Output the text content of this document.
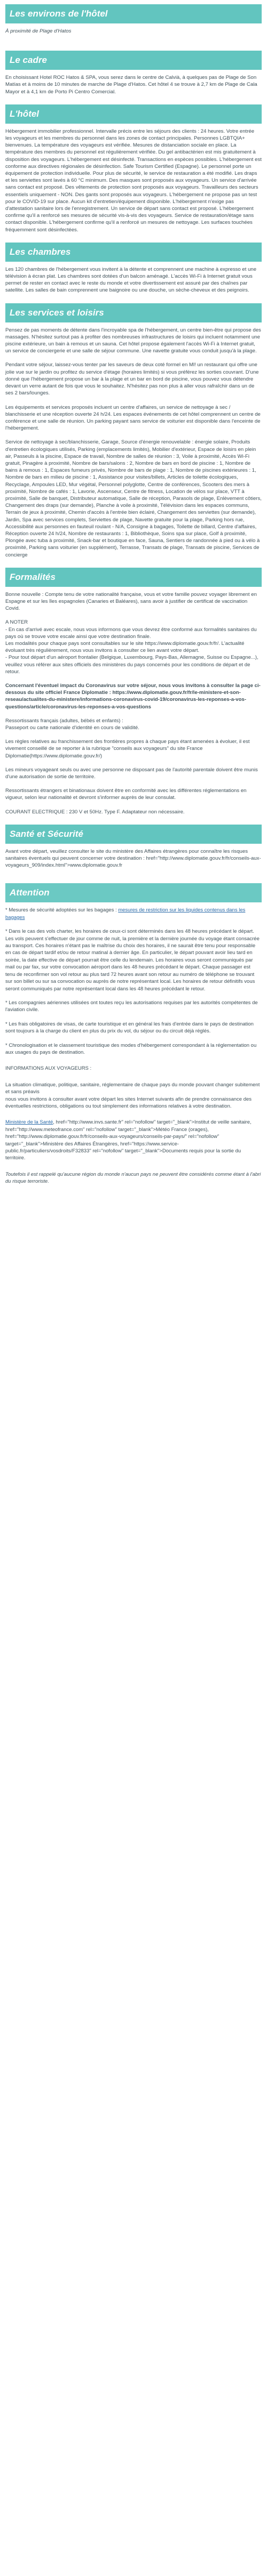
Les environs de l'hôtel

À proximité de Plage d'Hatos

Le cadre

En choisissant Hotel ROC Hatos & SPA, vous serez dans le centre de Calvià, à quelques pas de Plage de Son Matías et à moins de 10 minutes de marche de Plage d'Hatos. Cet hôtel 4 se trouve à 2,7 km de Plage de Cala Mayor et à 4,1 km de Porto Pi Centro Comercial.

L'hôtel

Hébergement immobilier professionnel. Intervalle précis entre les séjours des clients : 24 heures. Votre entrée les voyageurs et les membres du personnel dans les zones de contact principales. Personnes LGBTQIA+ bienvenues. La température des voyageurs est vérifiée. Mesures de distanciation sociale en place. La température des membres du personnel est régulièrement vérifiée. Du gel antibactérien est mis gratuitement à disposition des voyageurs. L'hébergement est désinfecté. Transactions en espèces possibles. L'hébergement est conforme aux directives régionales de désinfection. Safe Tourism Certified (Espagne). Le personnel porte un équipement de protection individuelle. Pour plus de sécurité, le service de restauration a été modifié. Les draps et les serviettes sont lavés à 60 °C minimum. Des masques sont proposés aux voyageurs. Un service d'arrivée sans contact est proposé. Des vêtements de protection sont proposés aux voyageurs. Travailleurs des secteurs essentiels uniquement - NON. Des gants sont proposés aux voyageurs. L'hébergement ne propose pas un test pour le COVID-19 sur place. Aucun kit d'entretien/équipement disponible. L'hébergement n'exige pas d'attestation sanitaire lors de l'enregistrement. Un service de départ sans contact est proposé. L'hébergement confirme qu'il a renforcé ses mesures de sécurité vis-à-vis des voyageurs. Service de restauration/étage sans contact disponible. L'hébergement confirme qu'il a renforcé un mesures de nettoyage. Les surfaces touchées fréquemment sont désinfectées.

Les chambres

Les 120 chambres de l'hébergement vous invitent à la détente et comprennent une machine à expresso et une télévision à écran plat. Les chambres sont dotées d'un balcon aménagé. L'accès Wi-Fi à Internet gratuit vous permet de rester en contact avec le reste du monde et votre divertissement est assuré par des chaînes par satellite. Les salles de bain comprennent une baignoire ou une douche, un sèche-cheveux et des peignoirs.

Les services et loisirs

Pensez de pas moments de détente dans l'incroyable spa de l'hébergement, un centre bien-être qui propose des massages. N'hésitez surtout pas à profiter des nombreuses infrastructures de loisirs qui incluent notamment une piscine extérieure, un bain à remous et un sauna. Cet hôtel propose également l'accès Wi-Fi à Internet gratuit, un service de conciergerie et une salle de séjour commune. Une navette gratuite vous conduit jusqu'à la plage.

Pendant votre séjour, laissez-vous tenter par les saveurs de deux coté formel en Ml! un restaurant qui offre une jolie vue sur le jardin ou profitez du service d'étage (horaires limités) si vous préférez les sorties couvrant. D'une donné que l'hébergement propose un bar à la plage et un bar en bord de piscine, vous pouvez vous détendre devant un verre autant de fois que vous le souhaitez. N'hésitez pas non plus à aller vous rafraîchir dans un de ses 2 bars/lounges.

Les équipements et services proposés incluent un centre d'affaires, un service de nettoyage à sec / blanchisserie et une réception ouverte 24 h/24. Les espaces événements de cet hôtel comprennent un centre de conférence et une salle de réunion. Un parking payant sans service de voiturier est disponible dans l'enceinte de l'hébergement.

Service de nettoyage à sec/blanchisserie, Garage, Source d'énergie renouvelable : énergie solaire, Produits d'entretien écologiques utilisés, Parking (emplacements limités), Mobilier d'extérieur, Espace de loisirs en plein air, Passeuls à la piscine, Espace de travail, Nombre de salles de réunion : 3, Voile à proximité, Accès Wi-Fi gratuit, Pinagère à proximité, Nombre de bars/salons : 2, Nombre de bars en bord de piscine : 1, Nombre de bains à remous : 1, Espaces fumeurs privés, Nombre de bars de plage : 1, Nombre de piscines extérieures : 1, Nombre de bars en milieu de piscine : 1, Assistance pour visites/billets, Articles de toilette écologiques, Recyclage, Ampoules LED, Mur végétal, Personnel polyglotte, Centre de conférences, Scooters des mers à proximité, Nombre de cafés : 1, Lavorie, Ascenseur, Centre de fitness, Location de vélos sur place, VTT à proximité, Salle de banquet, Distributeur automatique, Salle de réception, Parasols de plage, Enlèvement côtiers, Changement des draps (sur demande), Planche à voile à proximité, Télévision dans les espaces communs, Terrain de jeux à proximité, Chemin d'accès à l'entrée bien éclairé, Changement des serviettes (sur demande), Jardin, Spa avec services complets, Serviettes de plage, Navette gratuite pour la plage, Parking hors rue, Accessibilité aux personnes en fauteuil roulant - N/A, Consigne à bagages, Toilette de billard, Centre d'affaires, Réception ouverte 24 h/24, Nombre de restaurants : 1, Bibliothèque, Soins spa sur place, Golf à proximité, Plongée avec tuba à proximité, Snack-bar et boutique en face, Sauna, Sentiers de randonnée à pied ou à vélo à proximité, Parking sans voiturier (en supplément), Terrasse, Transats de plage, Transats de piscine, Services de concierge

Formalités

Bonne nouvelle : Compte tenu de votre nationalité française, vous et votre famille pouvez voyager librement en Espagne et sur les îles espagnoles (Canaries et Baléares), sans avoir à justifier de certificat de vaccination Covid.

A NOTER
- En cas d'arrivé avec escale, nous vous informons que vous devrez être conformé aux formalités sanitaires du pays où se trouve votre escale ainsi que votre destination finale.
Les modalités pour chaque pays sont consultables sur le site https://www.diplomatie.gouv.fr/fr/. L'actualité évoluant très régulièrement, nous vous invitons à consulter ce lien avant votre départ.
- Pour tout départ d'un aéroport frontalier (Belgique, Luxembourg, Pays-Bas, Allemagne, Suisse ou Espagne...), veuillez vous référer aux sites officiels des ministères du pays concernés pour les conditions de départ et de retour.

Concernant l'éventuel impact du Coronavirus sur votre séjour, nous vous invitons à consulter la page ci-dessous du site officiel France Diplomatie : https://www.diplomatie.gouv.fr/fr/le-ministere-et-son-reseau/actualites-du-ministere/informations-coronavirus-covid-19/coronavirus-les-reponses-a-vos-questions/article/coronavirus-les-reponses-a-vos-questions

Ressortissants français (adultes, bébés et enfants) :
Passeport ou carte nationale d'identité en cours de validité.

Les règles relatives au franchissement des frontières propres à chaque pays étant amenées à évoluer, il est vivement conseillé de se reporter à la rubrique "conseils aux voyageurs" du site France Diplomatie(https://www.diplomatie.gouv.fr/)

Les mineurs voyageant seuls ou avec une personne ne disposant pas de l'autorité parentale doivent être munis d'une autorisation de sortie de territoire.

Ressortissants étrangers et binationaux doivent être en conformité avec les différentes réglementations en vigueur, selon leur nationalité et devront s'informer auprès de leur consulat.

COURANT ELECTRIQUE : 230 V et 50Hz. Type F. Adaptateur non nécessaire.

Santé et Sécurité

Avant votre départ, veuillez consulter le site du ministère des Affaires étrangères pour connaître les risques sanitaires éventuels qui peuvent concerner votre destination : href="http://www.diplomatie.gouv.fr/fr/conseils-aux-voyageurs_909/index.html">www.diplomatie.gouv.fr

Attention

* Mesures de sécurité adoptées sur les bagages : mesures de restriction sur les liquides contenus dans les bagages

* Dans le cas des vols charter, les horaires de ceux-ci sont déterminés dans les 48 heures précédant le départ. Les vols peuvent s'effectuer de jour comme de nuit, la première et la dernière journée du voyage étant consacrée au transport. Ces horaires n'étant pas le maîtrise du choix des horaires, il ne saurait être tenu pour responsable en cas de départ tardif et/ou de retour matinal à dernier âge. En particulier, le départ pouvant avoir lieu tard en soirée, la date effective de départ pourrait être celle du lendemain. Les horaires vous seront communiqués par mail ou par fax, sur votre convocation aéroport dans les 48 heures précédant le départ. Chaque passager est tenu de reconfirmer son vol retour au plus tard 72 heures avant son retour au numéro de téléphone se trouvant sur son billet ou sur sa convocation ou auprès de notre représentant local. Les horaires de retour définitifs vous seront communiqués par notre représentant local dans les 48 heures précédant le retour.

* Les compagnies aériennes utilisées ont toutes reçu les autorisations requises par les autorités compétentes de l'aviation civile.

* Les frais obligatoires de visas, de carte touristique et en général les frais d'entrée dans le pays de destination sont toujours à la charge du client en plus du prix du vol, du séjour ou du circuit déjà réglés.

* Chronologisation et le classement touristique des modes d'hébergement correspondant à la réglementation ou aux usages du pays de destination.

INFORMATIONS AUX VOYAGEURS :

La situation climatique, politique, sanitaire, réglementaire de chaque pays du monde pouvant changer subitement et sans préavis
nous vous invitons à consulter avant votre départ les sites Internet suivants afin de prendre connaissance des éventuelles restrictions, obligations ou tout simplement des informations relatives à votre destination.

Ministère de la Santé, href="http://www.invs.sante.fr" rel="nofollow" target="_blank">Institut de veille sanitaire, href="http://www.meteofrance.com" rel="nofollow" target="_blank">Météo France (orages), href="http://www.diplomatie.gouv.fr/fr/conseils-aux-voyageurs/conseils-par-pays/" rel="nofollow" target="_blank">Ministère des Affaires Étrangères, href="https://www.service-public.fr/particuliers/vosdroits/F32833" rel="nofollow" target="_blank">Documents requis pour la sortie du territoire.

Toutefois il est rappelé qu'aucune région du monde n'aucun pays ne peuvent être considérés comme étant à l'abri du risque terroriste.
